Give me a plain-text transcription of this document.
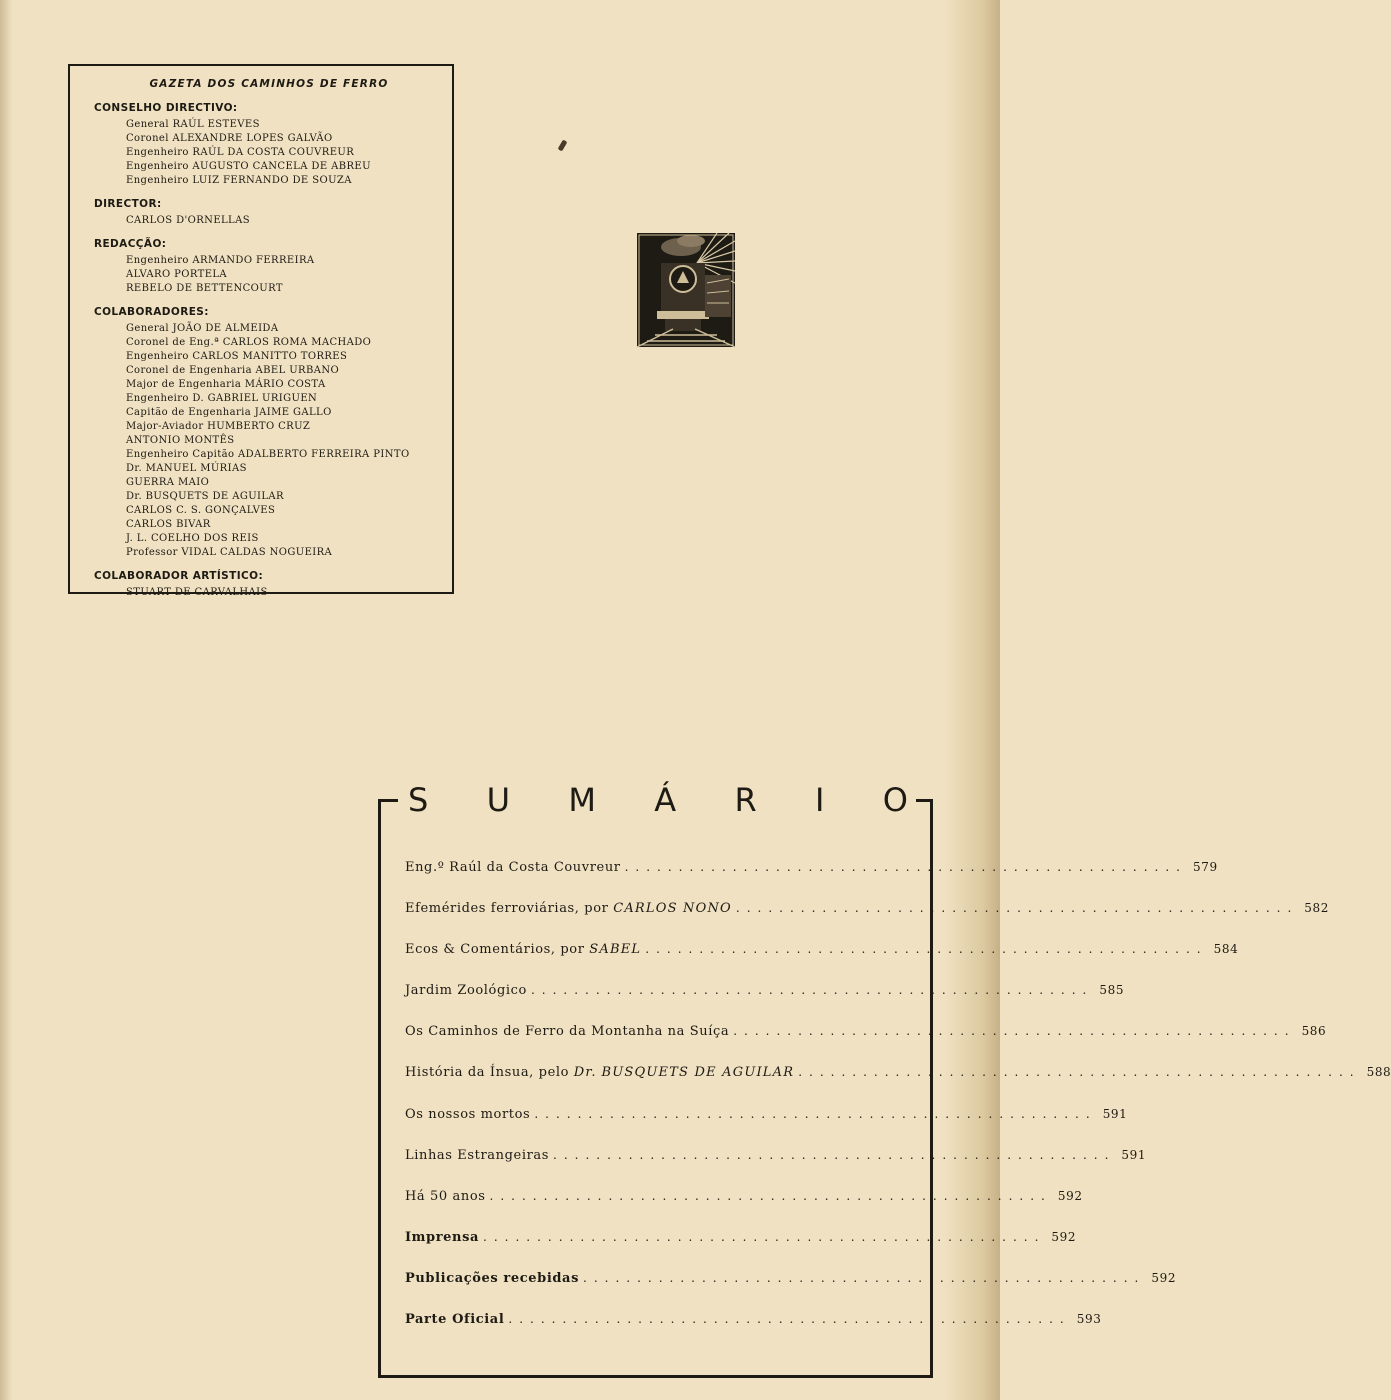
GAZETA DOS CAMINHOS DE FERRO

CONSELHO DIRECTIVO:

General RAÚL ESTEVES
Coronel ALEXANDRE LOPES GALVÃO
Engenheiro RAÚL DA COSTA COUVREUR
Engenheiro AUGUSTO CANCELA DE ABREU
Engenheiro LUIZ FERNANDO DE SOUZA

DIRECTOR:

CARLOS D'ORNELLAS

REDACÇÃO:

Engenheiro ARMANDO FERREIRA
ALVARO PORTELA
REBELO DE BETTENCOURT

COLABORADORES:

General JOÃO DE ALMEIDA
Coronel de Eng.ª CARLOS ROMA MACHADO
Engenheiro CARLOS MANITTO TORRES
Coronel de Engenharia ABEL URBANO
Major de Engenharia MÁRIO COSTA
Engenheiro D. GABRIEL URIGUEN
Capitão de Engenharia JAIME GALLO
Major-Aviador HUMBERTO CRUZ
ANTONIO MONTÊS
Engenheiro Capitão ADALBERTO FERREIRA PINTO
Dr. MANUEL MÚRIAS
GUERRA MAIO
Dr. BUSQUETS DE AGUILAR
CARLOS C. S. GONÇALVES
CARLOS BIVAR
J. L. COELHO DOS REIS
Professor VIDAL CALDAS NOGUEIRA

COLABORADOR ARTÍSTICO:

STUART DE CARVALHAIS
S U M Á R I O
Eng.º Raúl da Costa Couvreur .................................................... 579
Efemérides ferroviárias, por CARLOS NONO .................................................... 582
Ecos & Comentários, por SABEL .................................................... 584
Jardim Zoológico .................................................... 585
Os Caminhos de Ferro da Montanha na Suíça .................................................... 586
História da Ínsua, pelo Dr. BUSQUETS DE AGUILAR .................................................... 588
Os nossos mortos .................................................... 591
Linhas Estrangeiras .................................................... 591
Há 50 anos .................................................... 592
Imprensa .................................................... 592
Publicações recebidas .................................................... 592
Parte Oficial .................................................... 593
